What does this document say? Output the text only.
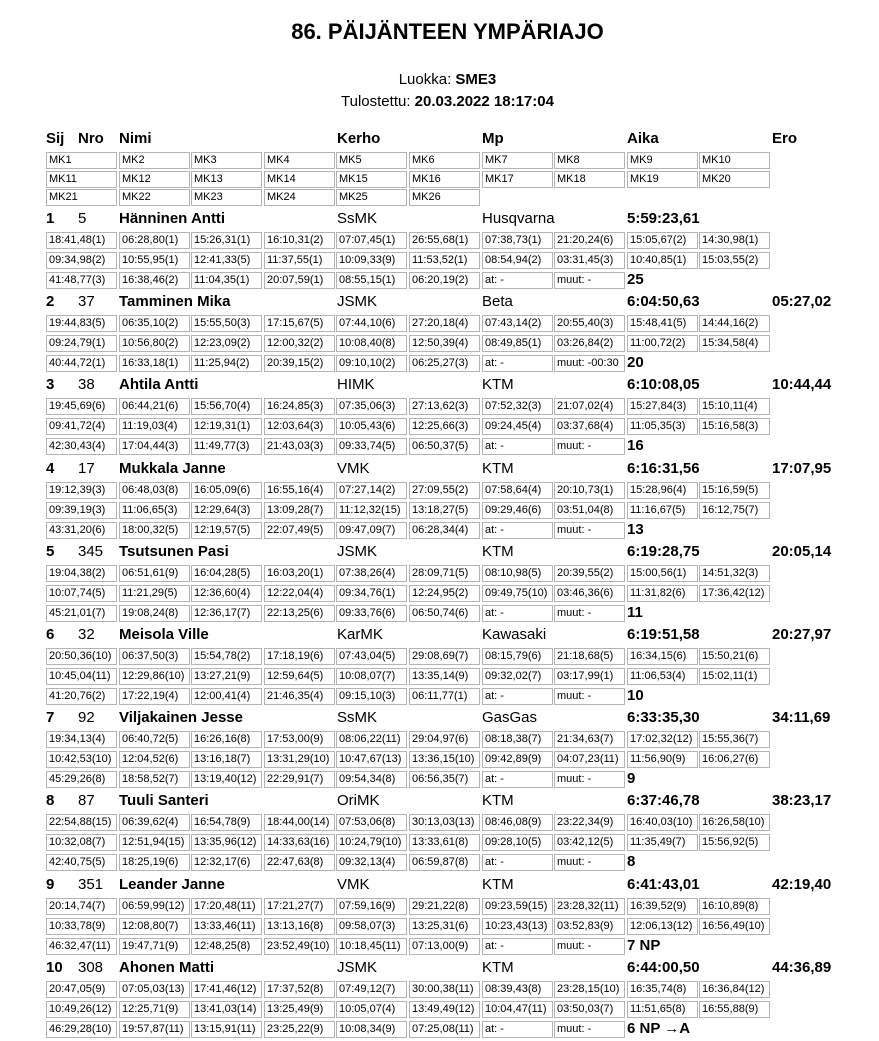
86. PÄIJÄNTEEN YMPÄRIAJO
Luokka: SME3
Tulostettu: 20.03.2022 18:17:04
Sij Nro Nimi	Kerho	Mp	Aika	Ero
MK1	MK2	MK3	MK4	MK5	MK6	MK7	MK8	MK9	MK10
MK11	MK12	MK13	MK14	MK15	MK16	MK17	MK18	MK19	MK20
MK21	MK22	MK23	MK24	MK25	MK26
1 5 Hänninen Antti	SsMK	Husqvarna	5:59:23,61
18:41,48(1)	06:28,80(1)	15:26,31(1)	16:10,31(2)	07:07,45(1)	26:55,68(1)	07:38,73(1)	21:20,24(6)	15:05,67(2)	14:30,98(1)
09:34,98(2)	10:55,95(1)	12:41,33(5)	11:37,55(1)	10:09,33(9)	11:53,52(1)	08:54,94(2)	03:31,45(3)	10:40,85(1)	15:03,55(2)
41:48,77(3)	16:38,46(2)	11:04,35(1)	20:07,59(1)	08:55,15(1)	06:20,19(2)	at: -	muut: -	25
2 37 Tamminen Mika	JSMK	Beta	6:04:50,63	05:27,02
19:44,83(5)	06:35,10(2)	15:55,50(3)	17:15,67(5)	07:44,10(6)	27:20,18(4)	07:43,14(2)	20:55,40(3)	15:48,41(5)	14:44,16(2)
09:24,79(1)	10:56,80(2)	12:23,09(2)	12:00,32(2)	10:08,40(8)	12:50,39(4)	08:49,85(1)	03:26,84(2)	11:00,72(2)	15:34,58(4)
40:44,72(1)	16:33,18(1)	11:25,94(2)	20:39,15(2)	09:10,10(2)	06:25,27(3)	at: -	muut: -00:30 20
3 38 Ahtila Antti	HIMK	KTM	6:10:08,05	10:44,44
19:45,69(6)	06:44,21(6)	15:56,70(4)	16:24,85(3)	07:35,06(3)	27:13,62(3)	07:52,32(3)	21:07,02(4)	15:27,84(3)	15:10,11(4)
09:41,72(4)	11:19,03(4)	12:19,31(1)	12:03,64(3)	10:05,43(6)	12:25,66(3)	09:24,45(4)	03:37,68(4)	11:05,35(3)	15:16,58(3)
42:30,43(4)	17:04,44(3)	11:49,77(3)	21:43,03(3)	09:33,74(5)	06:50,37(5)	at: -	muut: -	16
4 17 Mukkala Janne	VMK	KTM	6:16:31,56	17:07,95
19:12,39(3)	06:48,03(8)	16:05,09(6)	16:55,16(4)	07:27,14(2)	27:09,55(2)	07:58,64(4)	20:10,73(1)	15:28,96(4)	15:16,59(5)
09:39,19(3)	11:06,65(3)	12:29,64(3)	13:09,28(7)	11:12,32(15)	13:18,27(5)	09:29,46(6)	03:51,04(8)	11:16,67(5)	16:12,75(7)
43:31,20(6)	18:00,32(5)	12:19,57(5)	22:07,49(5)	09:47,09(7)	06:28,34(4)	at: -	muut: -	13
5 345 Tsutsunen Pasi	JSMK	KTM	6:19:28,75	20:05,14
19:04,38(2)	06:51,61(9)	16:04,28(5)	16:03,20(1)	07:38,26(4)	28:09,71(5)	08:10,98(5)	20:39,55(2)	15:00,56(1)	14:51,32(3)
10:07,74(5)	11:21,29(5)	12:36,60(4)	12:22,04(4)	09:34,76(1)	12:24,95(2)	09:49,75(10) 03:46,36(6)	11:31,82(6)	17:36,42(12)
45:21,01(7)	19:08,24(8)	12:36,17(7)	22:13,25(6)	09:33,76(6)	06:50,74(6)	at: -	muut: -	11
6 32 Meisola Ville	KarMK	Kawasaki	6:19:51,58	20:27,97
20:50,36(10) 06:37,50(3)	15:54,78(2)	17:18,19(6)	07:43,04(5)	29:08,69(7)	08:15,79(6)	21:18,68(5)	16:34,15(6)	15:50,21(6)
10:45,04(11)	12:29,86(10) 13:27,21(9)	12:59,64(5)	10:08,07(7)	13:35,14(9)	09:32,02(7)	03:17,99(1)	11:06,53(4)	15:02,11(1)
41:20,76(2)	17:22,19(4)	12:00,41(4)	21:46,35(4)	09:15,10(3)	06:11,77(1)	at: -	muut: -	10
7 92 Viljakainen Jesse	SsMK	GasGas	6:33:35,30	34:11,69
19:34,13(4)	06:40,72(5)	16:26,16(8)	17:53,00(9)	08:06,22(11)	29:04,97(6)	08:18,38(7)	21:34,63(7)	17:02,32(12) 15:55,36(7)
10:42,53(10) 12:04,52(6)	13:16,18(7)	13:31,29(10) 10:47,67(13) 13:36,15(10) 09:42,89(9)	04:07,23(11)	11:56,90(9)	16:06,27(6)
45:29,26(8)	18:58,52(7)	13:19,40(12) 22:29,91(7)	09:54,34(8)	06:56,35(7)	at: -	muut: -	9
8 87 Tuuli Santeri	OriMK	KTM	6:37:46,78	38:23,17
22:54,88(15) 06:39,62(4)	16:54,78(9)	18:44,00(14) 07:53,06(8)	30:13,03(13) 08:46,08(9)	23:22,34(9)	16:40,03(10) 16:26,58(10)
10:32,08(7)	12:51,94(15) 13:35,96(12) 14:33,63(16) 10:24,79(10) 13:33,61(8)	09:28,10(5)	03:42,12(5)	11:35,49(7)	15:56,92(5)
42:40,75(5)	18:25,19(6)	12:32,17(6)	22:47,63(8)	09:32,13(4)	06:59,87(8)	at: -	muut: -	8
9 351 Leander Janne	VMK	KTM	6:41:43,01	42:19,40
20:14,74(7)	06:59,99(12) 17:20,48(11)	17:21,27(7)	07:59,16(9)	29:21,22(8)	09:23,59(15) 23:28,32(11)	16:39,52(9)	16:10,89(8)
10:33,78(9)	12:08,80(7)	13:33,46(11)	13:13,16(8)	09:58,07(3)	13:25,31(6)	10:23,43(13) 03:52,83(9)	12:06,13(12) 16:56,49(10)
46:32,47(11)	19:47,71(9)	12:48,25(8)	23:52,49(10) 10:18,45(11)	07:13,00(9)	at: -	muut: -	7 NP
10 308 Ahonen Matti	JSMK	KTM	6:44:00,50	44:36,89
20:47,05(9)	07:05,03(13) 17:41,46(12) 17:37,52(8)	07:49,12(7)	30:00,38(11)	08:39,43(8)	23:28,15(10) 16:35,74(8)	16:36,84(12)
10:49,26(12) 12:25,71(9)	13:41,03(14) 13:25,49(9)	10:05,07(4)	13:49,49(12) 10:04,47(11) 03:50,03(7)	11:51,65(8)	16:55,88(9)
46:29,28(10) 19:57,87(11) 13:15,91(11)	23:25,22(9)	10:08,34(9)	07:25,08(11)	at: -	muut: -	6 NP →A
